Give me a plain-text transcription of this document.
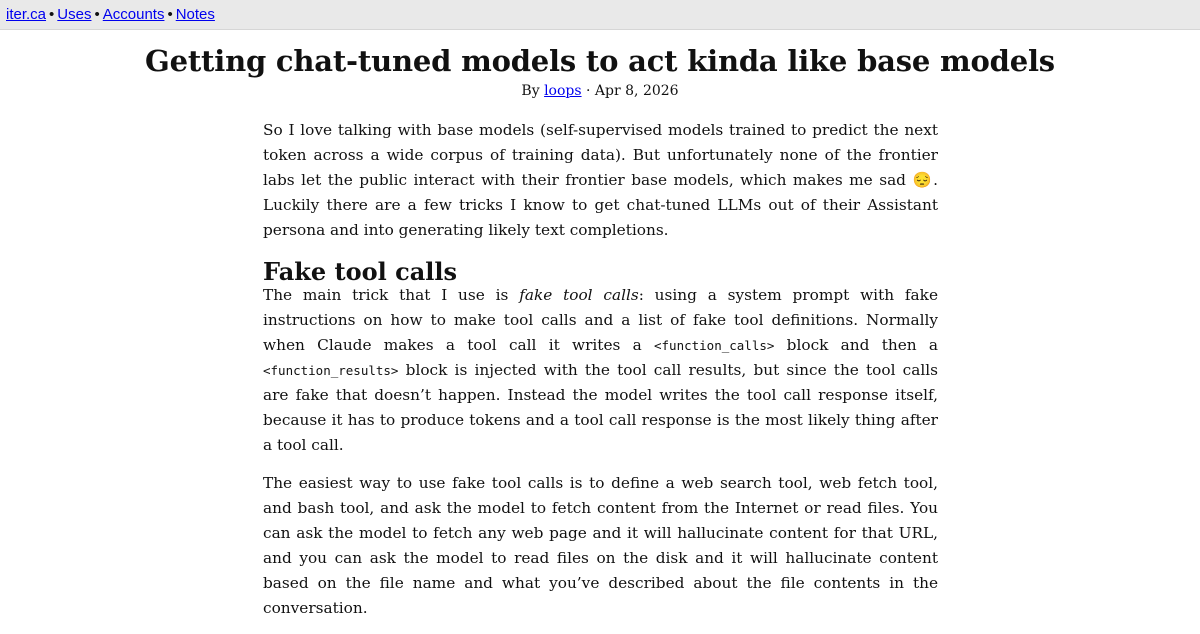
iter.ca • Uses • Accounts • Notes
Getting chat-tuned models to act kinda like base models
By loops · Apr 8, 2026

So I love talking with base models (self-supervised models trained to predict the next token across a wide corpus of training data). But unfortunately none of the frontier labs let the public interact with their frontier base models, which makes me sad 😔. Luckily there are a few tricks I know to get chat-tuned LLMs out of their Assistant persona and into generating likely text completions.

Fake tool calls

The main trick that I use is fake tool calls: using a system prompt with fake instructions on how to make tool calls and a list of fake tool definitions. Normally when Claude makes a tool call it writes a <function_calls> block and then a <function_results> block is injected with the tool call results, but since the tool calls are fake that doesn’t happen. Instead the model writes the tool call response itself, because it has to produce tokens and a tool call response is the most likely thing after a tool call.

The easiest way to use fake tool calls is to define a web search tool, web fetch tool, and bash tool, and ask the model to fetch content from the Internet or read files. You can ask the model to fetch any web page and it will hallucinate content for that URL, and you can ask the model to read files on the disk and it will hallucinate content based on the file name and what you’ve described about the file contents in the conversation.
